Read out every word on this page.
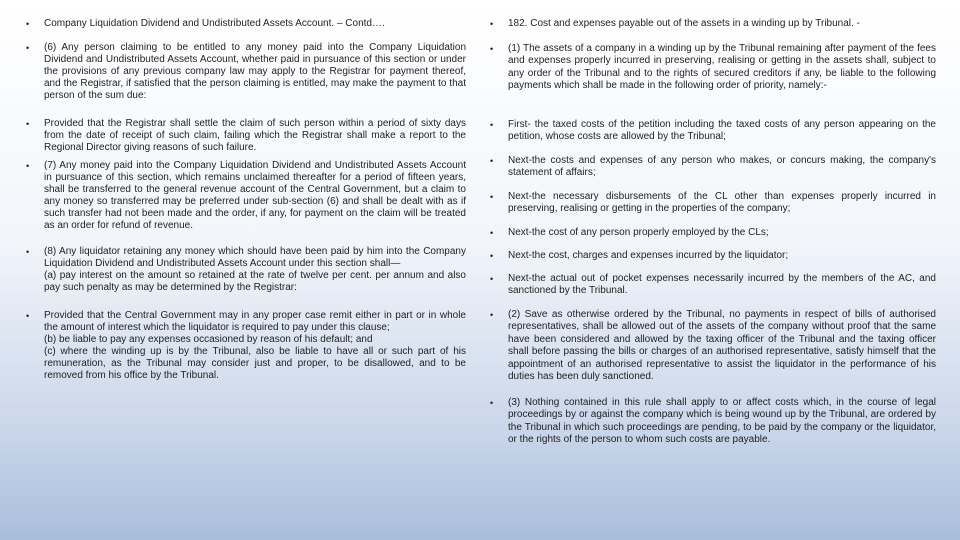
•	Company Liquidation Dividend and Undistributed Assets Account. – Contd….
•	(6) Any person claiming to be entitled to any money paid into the Company Liquidation Dividend and Undistributed Assets Account, whether paid in pursuance of this section or under the provisions of any previous company law may apply to the Registrar for payment thereof, and the Registrar, if satisfied that the person claiming is entitled, may make the payment to that person of the sum due:
•	Provided that the Registrar shall settle the claim of such person within a period of sixty days from the date of receipt of such claim, failing which the Registrar shall make a report to the Regional Director giving reasons of such failure.
•	(7) Any money paid into the Company Liquidation Dividend and Undistributed Assets Account in pursuance of this section, which remains unclaimed thereafter for a period of fifteen years, shall be transferred to the general revenue account of the Central Government, but a claim to any money so transferred may be preferred under sub-section (6) and shall be dealt with as if such transfer had not been made and the order, if any, for payment on the claim will be treated as an order for refund of revenue.
•	(8) Any liquidator retaining any money which should have been paid by him into the Company Liquidation Dividend and Undistributed Assets Account under this section shall—
(a) pay interest on the amount so retained at the rate of twelve per cent. per annum and also pay such penalty as may be determined by the Registrar:
•	Provided that the Central Government may in any proper case remit either in part or in whole the amount of interest which the liquidator is required to pay under this clause;
(b) be liable to pay any expenses occasioned by reason of his default; and
(c) where the winding up is by the Tribunal, also be liable to have all or such part of his remuneration, as the Tribunal may consider just and proper, to be disallowed, and to be removed from his office by the Tribunal.
•	182. Cost and expenses payable out of the assets in a winding up by Tribunal. -
•	(1) The assets of a company in a winding up by the Tribunal remaining after payment of the fees and expenses properly incurred in preserving, realising or getting in the assets shall, subject to any order of the Tribunal and to the rights of secured creditors if any, be liable to the following payments which shall be made in the following order of priority, namely:-
•	First- the taxed costs of the petition including the taxed costs of any person appearing on the petition, whose costs are allowed by the Tribunal;
•	Next-the costs and expenses of any person who makes, or concurs making, the company's statement of affairs;
•	Next-the necessary disbursements of the CL other than expenses properly incurred in preserving, realising or getting in the properties of the company;
•	Next-the cost of any person properly employed by the CLs;
•	Next-the cost, charges and expenses incurred by the liquidator;
•	Next-the actual out of pocket expenses necessarily incurred by the members of the AC, and sanctioned by the Tribunal.
•	(2) Save as otherwise ordered by the Tribunal, no payments in respect of bills of authorised representatives, shall be allowed out of the assets of the company without proof that the same have been considered and allowed by the taxing officer of the Tribunal and the taxing officer shall before passing the bills or charges of an authorised representative, satisfy himself that the appointment of an authorised representative to assist the liquidator in the performance of his duties has been duly sanctioned.
•	(3) Nothing contained in this rule shall apply to or affect costs which, in the course of legal proceedings by or against the company which is being wound up by the Tribunal, are ordered by the Tribunal in which such proceedings are pending, to be paid by the company or the liquidator, or the rights of the person to whom such costs are payable.
